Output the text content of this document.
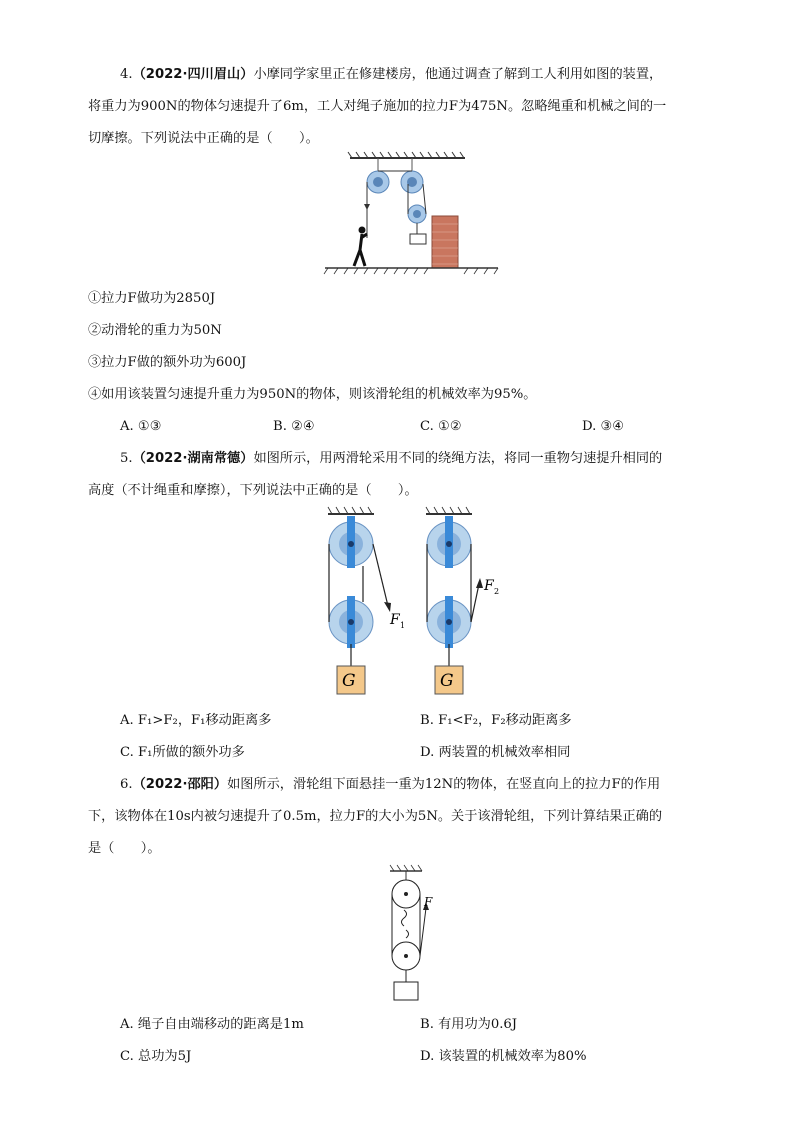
4.（2022·四川眉山）小摩同学家里正在修建楼房，他通过调查了解到工人利用如图的装置，
将重力为900N的物体匀速提升了6m，工人对绳子施加的拉力F为475N。忽略绳重和机械之间的一
切摩擦。下列说法中正确的是（　　）。
①拉力F做功为2850J
②动滑轮的重力为50N
③拉力F做的额外功为600J
④如用该装置匀速提升重力为950N的物体，则该滑轮组的机械效率为95%。
A. ①③	B. ②④	C. ①②	D. ③④
5.（2022·湖南常德）如图所示，用两滑轮采用不同的绕绳方法，将同一重物匀速提升相同的
高度（不计绳重和摩擦），下列说法中正确的是（　　）。
F 1
G
F 2
G
A. F₁>F₂，F₁移动距离多	B. F₁<F₂，F₂移动距离多
C. F₁所做的额外功多	D. 两装置的机械效率相同
6.（2022·邵阳）如图所示，滑轮组下面悬挂一重为12N的物体，在竖直向上的拉力F的作用
下，该物体在10s内被匀速提升了0.5m，拉力F的大小为5N。关于该滑轮组，下列计算结果正确的
是（　　）。
F
A. 绳子自由端移动的距离是1m	B. 有用功为0.6J
C. 总功为5J	D. 该装置的机械效率为80%
